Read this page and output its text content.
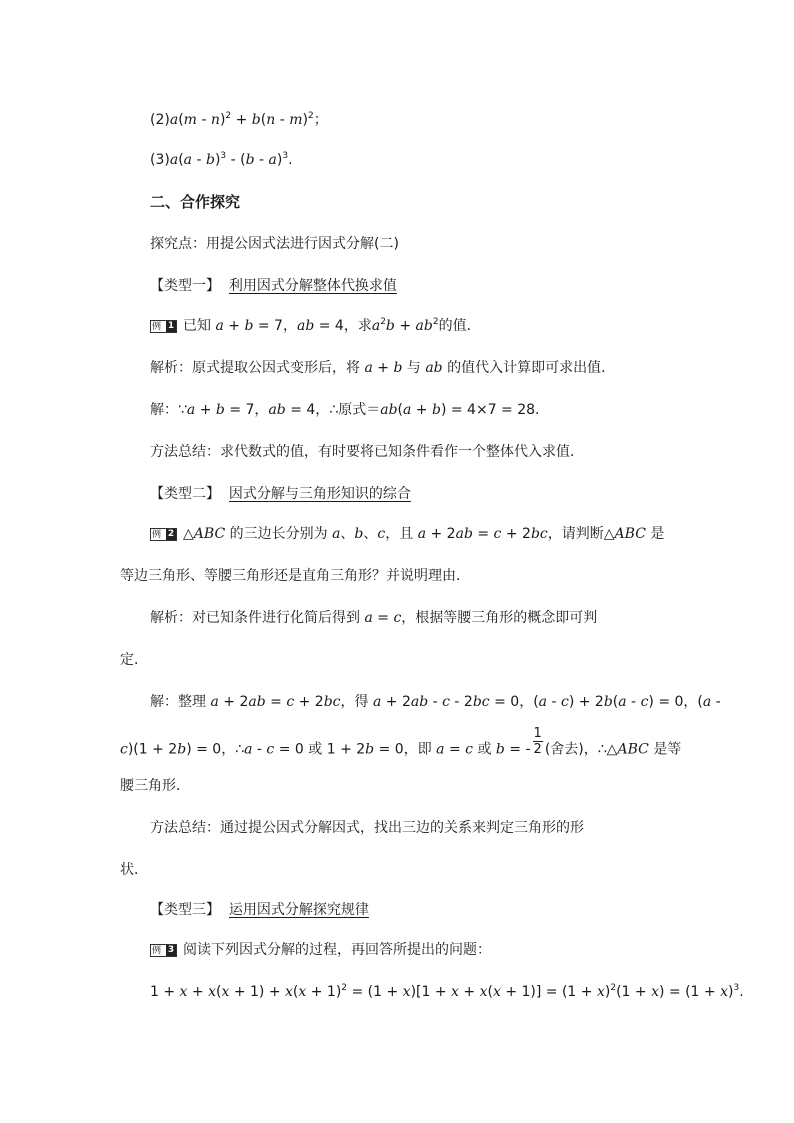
(2)a(m - n)$^2$ + b(n - m)$^2$；
(3)a(a - b)$^3$ - (b - a)$^3$.
二、合作探究
探究点：用提公因式法进行因式分解(二)
【类型一】 利用因式分解整体代换求值
例 1 已知 a + b = 7，ab = 4，求$a^2b + ab^2$的值．
解析：原式提取公因式变形后，将 a + b 与 ab 的值代入计算即可求出值．
解：∵a + b = 7，ab = 4，∴原式＝ab(a + b) = 4×7 = 28.
方法总结：求代数式的值，有时要将已知条件看作一个整体代入求值．
【类型二】 因式分解与三角形知识的综合
例 2 △ABC 的三边长分别为 a、b、c，且 a + 2ab = c + 2bc，请判断△ABC 是
等边三角形、等腰三角形还是直角三角形？并说明理由．
解析：对已知条件进行化简后得到 a = c，根据等腰三角形的概念即可判
定．
解：整理 a + 2ab = c + 2bc，得 a + 2ab - c - 2bc = 0，(a - c) + 2b(a - c) = 0，(a -
c)(1 + 2b) = 0，∴a - c = 0 或 1 + 2b = 0，即 a = c 或 b = - $\frac{1}{2}$ (舍去)，∴△ABC 是等
腰三角形．
方法总结：通过提公因式分解因式，找出三边的关系来判定三角形的形
状．
【类型三】 运用因式分解探究规律
例 3 阅读下列因式分解的过程，再回答所提出的问题：
$1 + x + x(x + 1) + x(x + 1)^2 = (1 + x)[1 + x + x(x + 1)] = (1 + x)^2(1 + x) = (1 + x)^3$.
